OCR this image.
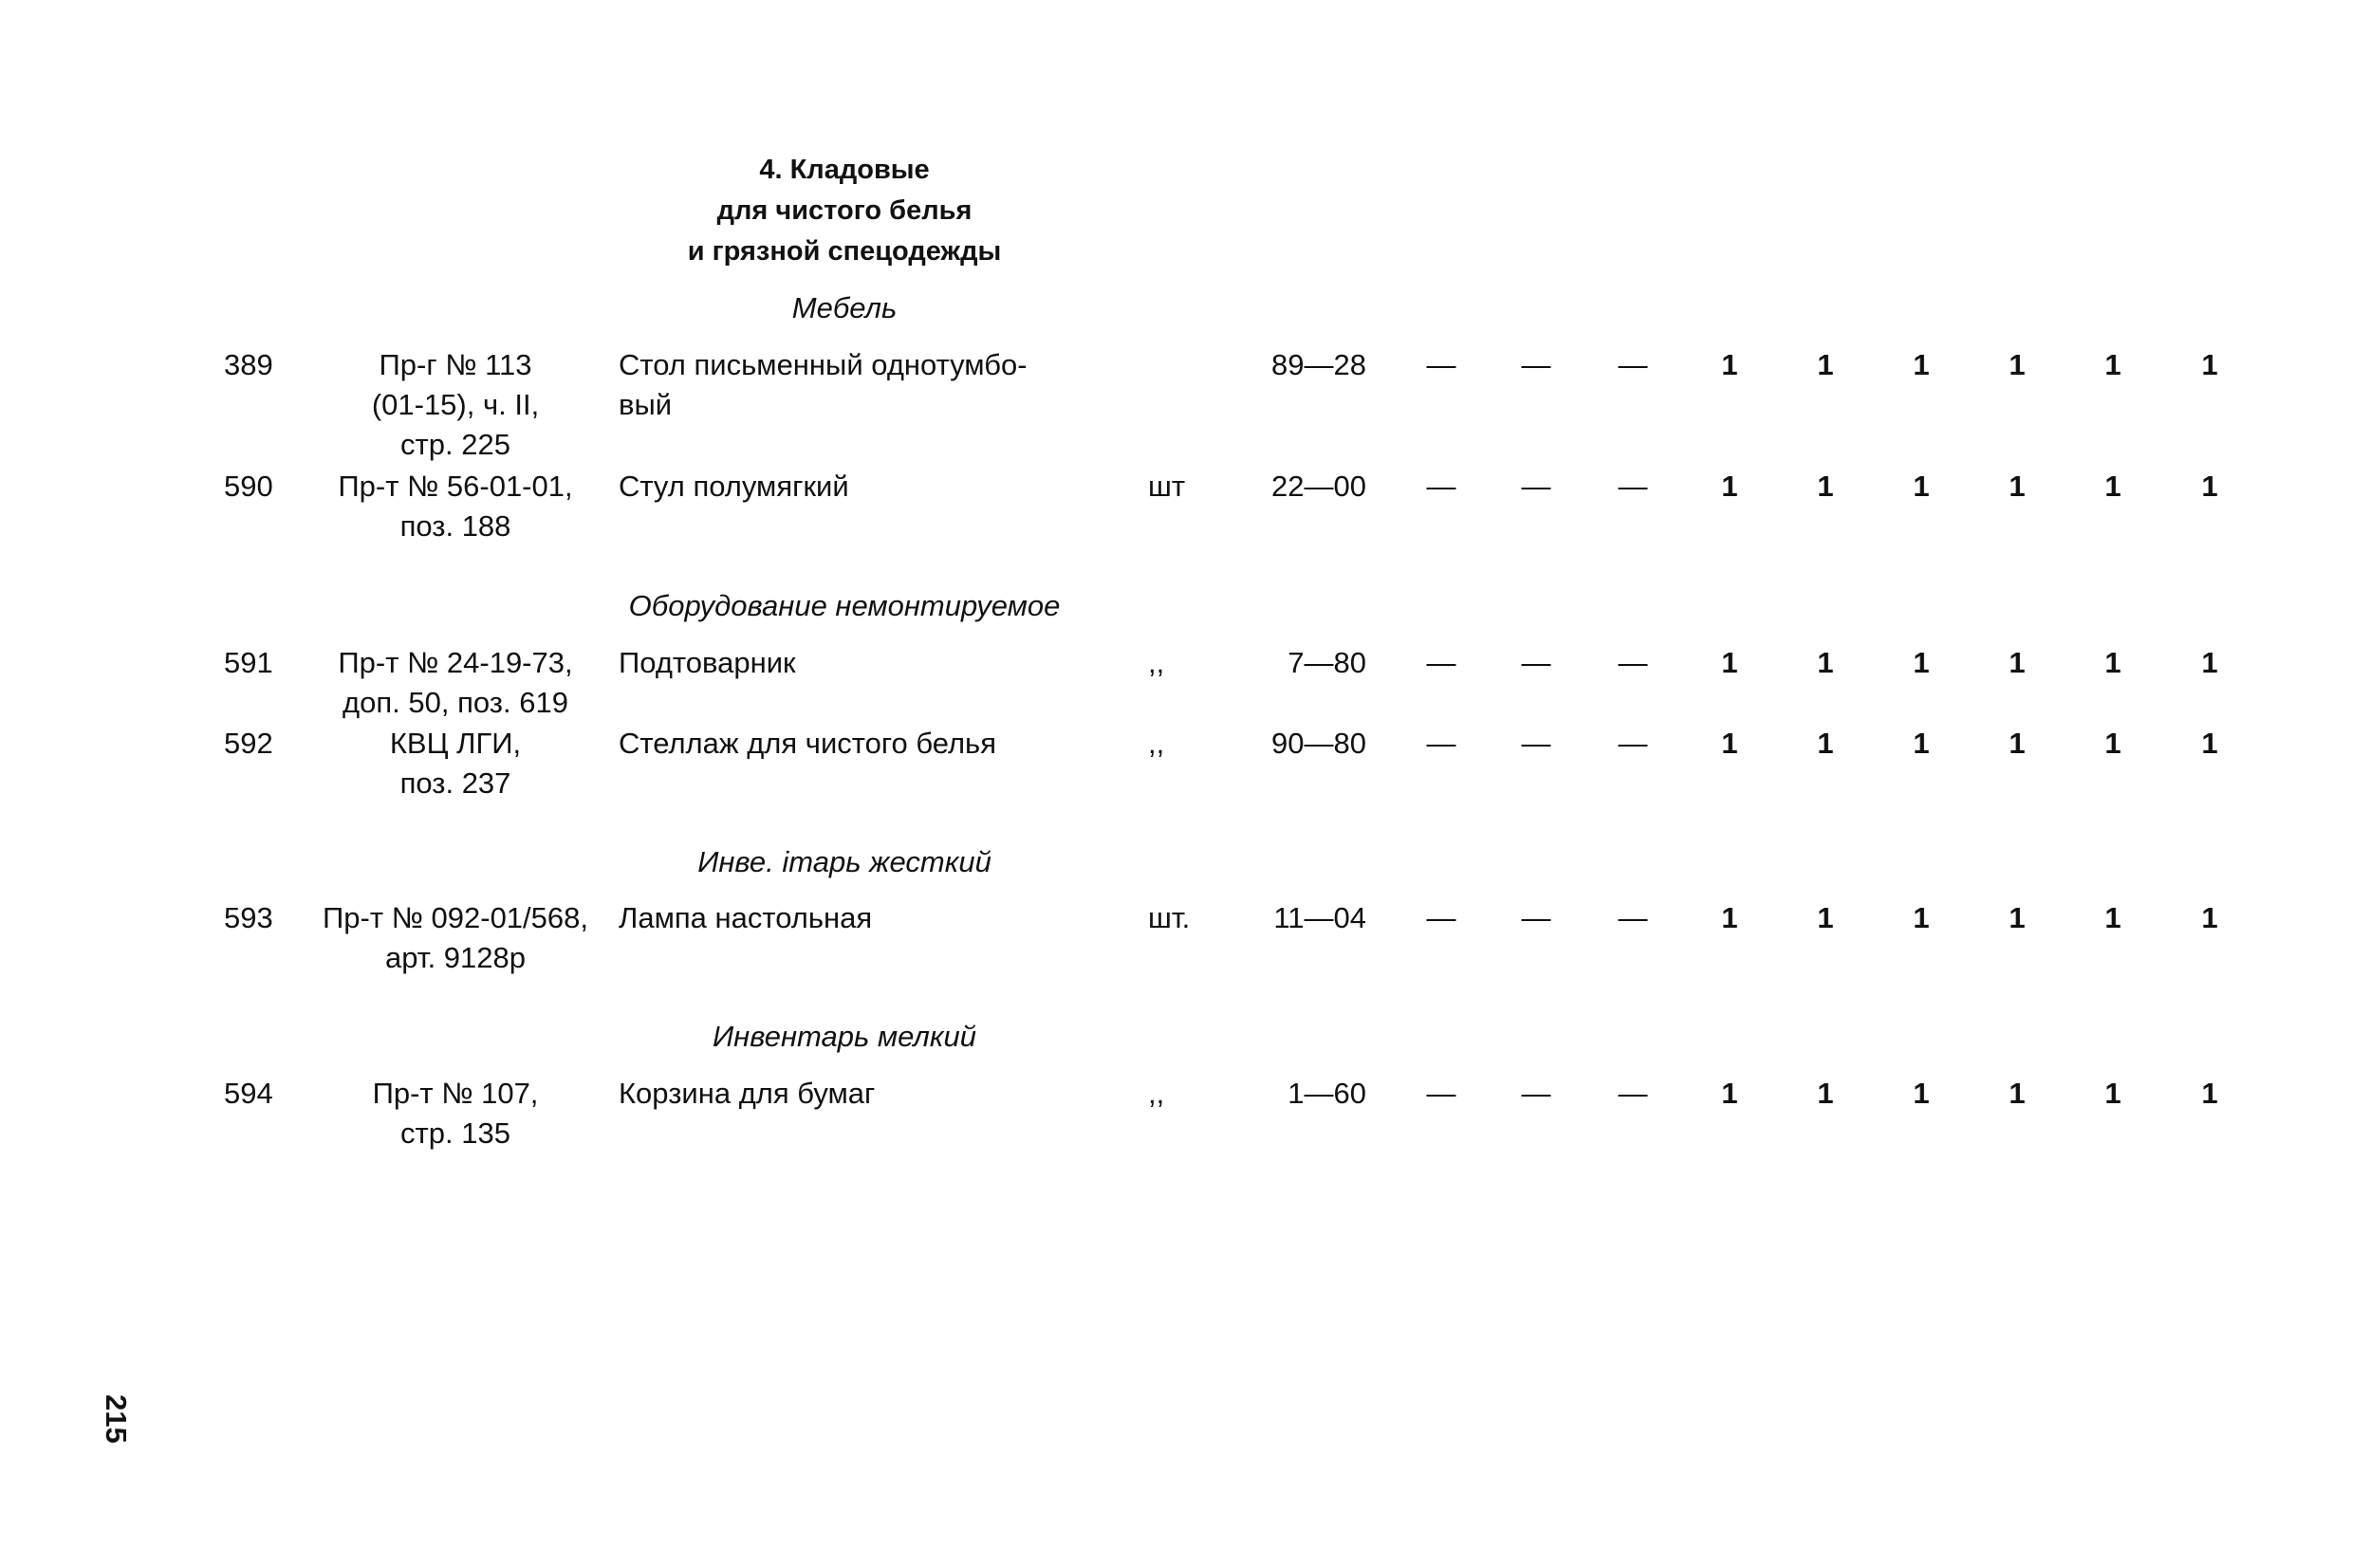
4. Кладовые
для чистого белья
и грязной спецодежды
Мебель
389	Пр-г № 113
(01-15), ч. II,
стр. 225
Стол письменный однотумбо-
вый
89—28	—	—	—	1	1	1	1	1	1
590	Пр-т № 56-01-01,
поз. 188
Стул полумягкий	шт	22—00	—	—	—	1	1	1	1	1	1
Оборудование немонтируемое
591	Пр-т № 24-19-73,
доп. 50, поз. 619
Подтоварник	,,	7—80	—	—	—	1	1	1	1	1	1
592	КВЦ ЛГИ,
поз. 237
Стеллаж для чистого белья	,,	90—80	—	—	—	1	1	1	1	1	1
Инве. ітарь жесткий
593	Пр-т № 092-01/568,
арт. 9128р
Лампа настольная	шт.	11—04	—	—	—	1	1	1	1	1	1
Инвентарь мелкий
594	Пр-т № 107,
стр. 135
Корзина для бумаг	,,	1—60	—	—	—	1	1	1	1	1	1
215
